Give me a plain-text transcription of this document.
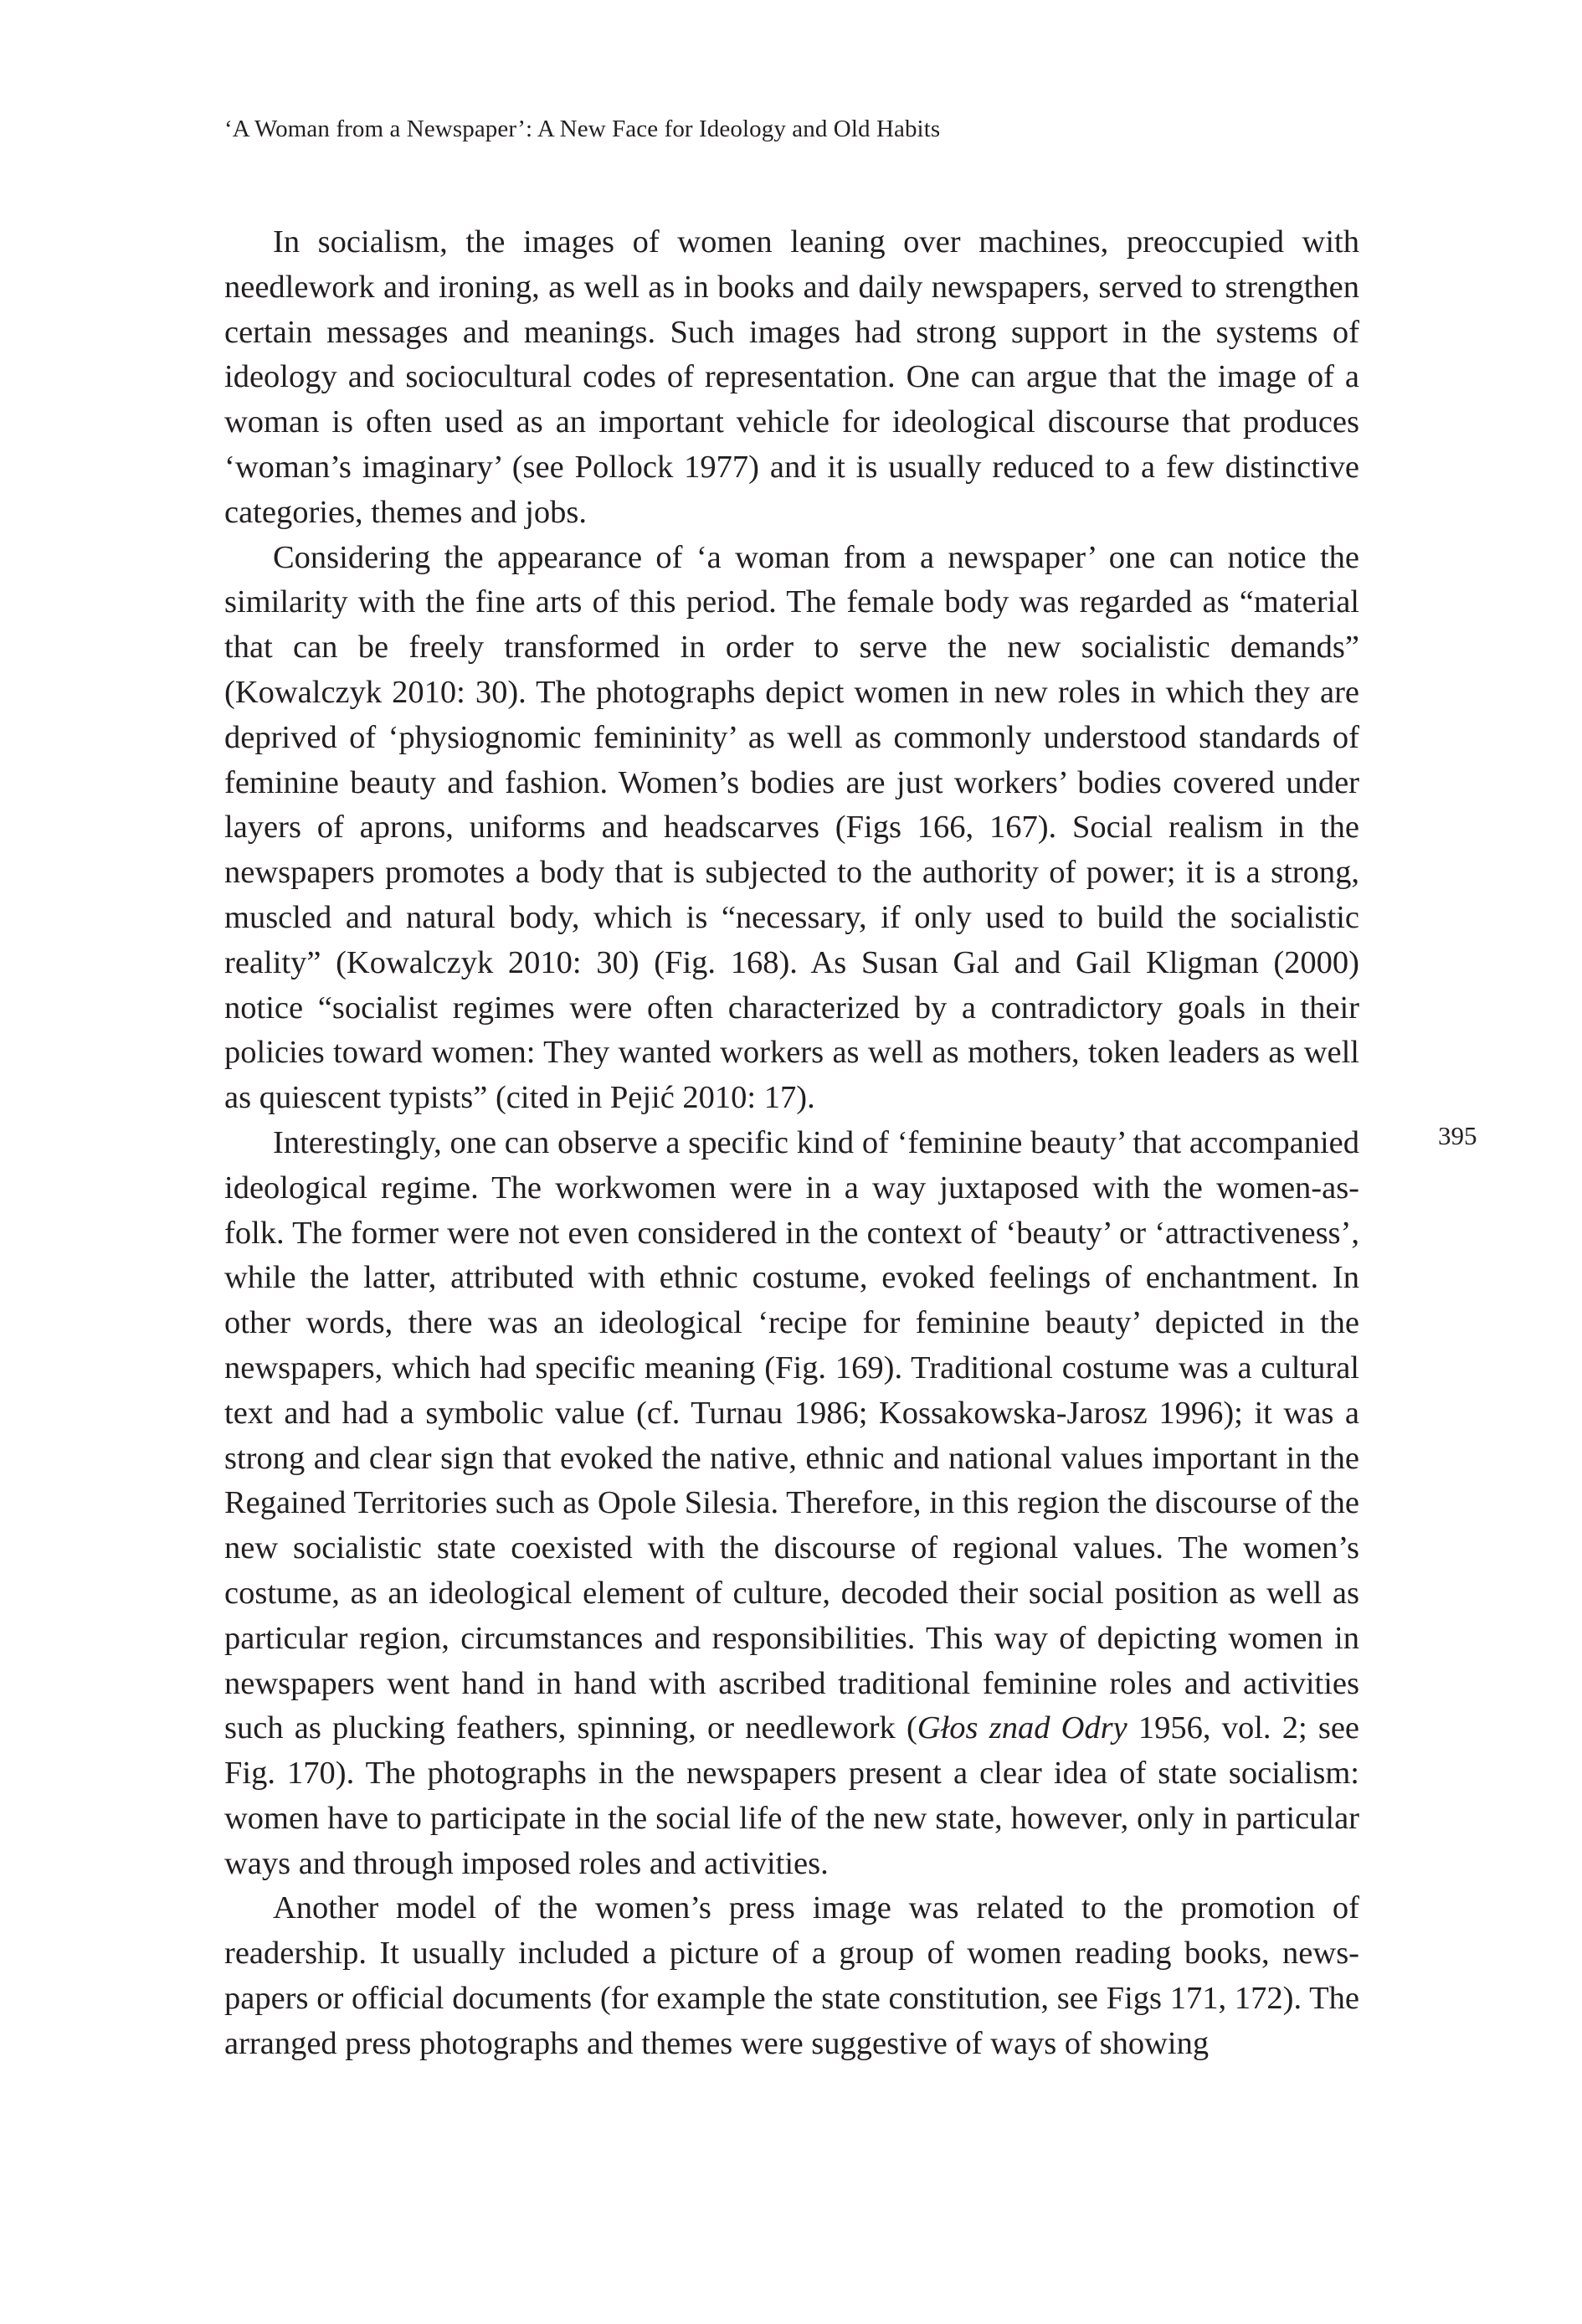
‘A Woman from a Newspaper’: A New Face for Ideology and Old Habits
395

In socialism, the images of women leaning over machines, preoccupied with needlework and ironing, as well as in books and daily newspapers, served to strengthen certain messages and meanings. Such images had strong support in the systems of ideology and sociocultural codes of representation. One can argue that the image of a woman is often used as an important vehicle for ideological discourse that produces ‘woman’s imaginary’ (see Pollock 1977) and it is usually reduced to a few distinctive categories, themes and jobs.

Considering the appearance of ‘a woman from a newspaper’ one can notice the similarity with the fine arts of this period. The female body was regarded as “material that can be freely transformed in order to serve the new socialistic demands” (Kowalczyk 2010: 30). The photographs depict women in new roles in which they are deprived of ‘physiognomic femininity’ as well as commonly understood standards of feminine beauty and fashion. Women’s bodies are just workers’ bodies covered under layers of aprons, uniforms and headscarves (Figs 166, 167). Social realism in the newspapers promotes a body that is subjected to the authority of power; it is a strong, muscled and natural body, which is “necessary, if only used to build the socialistic reality” (Kowalczyk 2010: 30) (Fig. 168). As Susan Gal and Gail Kligman (2000) notice “socialist regimes were often characterized by a contradictory goals in their policies toward women: They wanted workers as well as mothers, token leaders as well as quiescent typists” (cited in Pejić 2010: 17).

Interestingly, one can observe a specific kind of ‘feminine beauty’ that accompanied ideological regime. The workwomen were in a way juxtaposed with the women-as-folk. The former were not even considered in the context of ‘beauty’ or ‘attractiveness’, while the latter, attributed with ethnic costume, evoked feelings of enchantment. In other words, there was an ideological ‘recipe for feminine beauty’ depicted in the newspapers, which had specific meaning (Fig. 169). Traditional costume was a cultural text and had a symbolic value (cf. Turnau 1986; Kossakowska-Jarosz 1996); it was a strong and clear sign that evoked the native, ethnic and national values important in the Regained Territories such as Opole Silesia. Therefore, in this region the discourse of the new socialistic state coexisted with the discourse of regional values. The women’s costume, as an ideological element of culture, decoded their social position as well as particular region, circumstances and responsibilities. This way of depicting women in newspapers went hand in hand with ascribed traditional feminine roles and activities such as plucking feathers, spinning, or needlework (Głos znad Odry 1956, vol. 2; see Fig. 170). The photographs in the newspapers present a clear idea of state socialism: women have to participate in the social life of the new state, however, only in particular ways and through imposed roles and activities.

Another model of the women’s press image was related to the promotion of readership. It usually included a picture of a group of women reading books, news-papers or official documents (for example the state constitution, see Figs 171, 172). The arranged press photographs and themes were suggestive of ways of showing
